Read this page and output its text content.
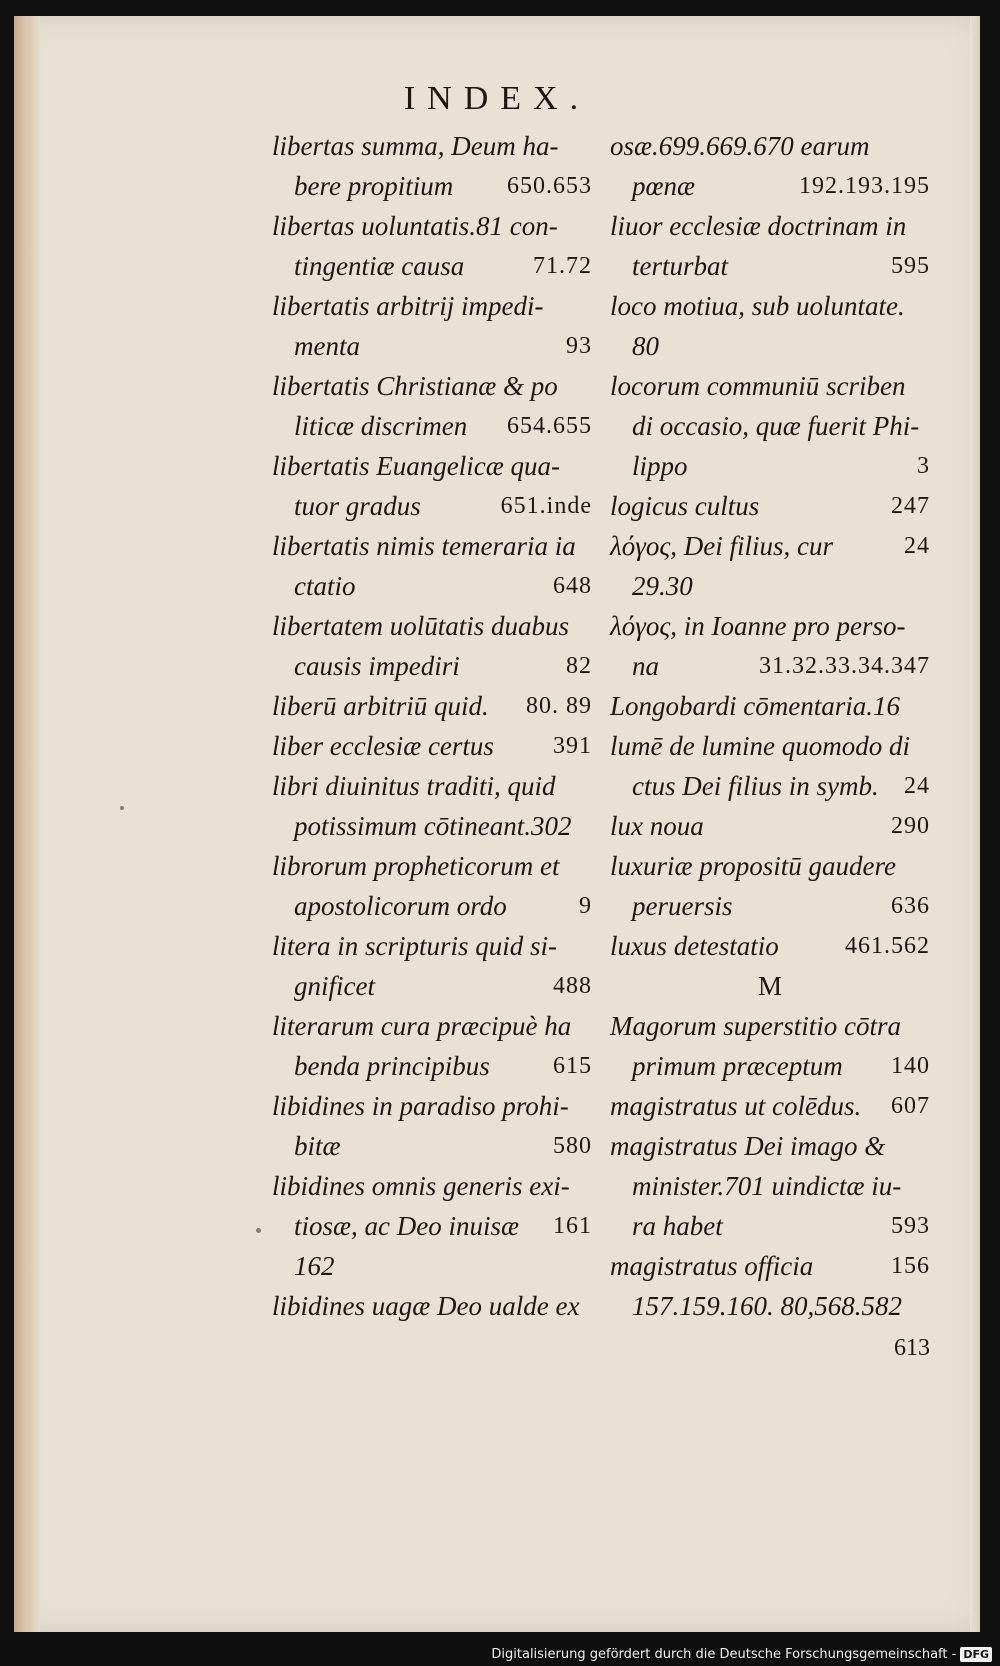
INDEX.
libertas summa, Deum ha-
bere propitium 650.653
libertas uoluntatis.81 con-
tingentiæ causa	71.72
libertatis arbitrij impedi-
menta	93
libertatis Christianæ & po
liticæ discrimen 654.655
libertatis Euangelicæ qua-
tuor gradus	651.inde
libertatis nimis temeraria ia
ctatio	648
libertatem uolūtatis duabus
causis impediri	82
liberū arbitriū quid. 80. 89
liber ecclesiæ certus 391
libri diuinitus traditi, quid
potissimum cōtineant.302
librorum propheticorum et
apostolicorum ordo	9
litera in scripturis quid si-
gnificet	488
literarum cura præcipuè ha
benda principibus	615
libidines in paradiso prohi-
bitæ	580
libidines omnis generis exi-
tiosæ, ac Deo inuisæ 161
162
libidines uagæ Deo ualde ex
osæ.699.669.670 earum
pœnæ	192.193.195
liuor ecclesiæ doctrinam in
terturbat	595
loco motiua, sub uoluntate.
80
locorum communiū scriben
di occasio, quæ fuerit Phi-
lippo	3
logicus cultus	247
λόγος, Dei filius, cur	24
29.30
λόγος, in Ioanne pro perso-
na	31.32.33.34.347
Longobardi cōmentaria.16
lumē de lumine quomodo di
ctus Dei filius in symb. 24
lux noua	290
luxuriæ propositū gaudere
peruersis	636
luxus detestatio	461.562
M
Magorum superstitio cōtra
primum præceptum 140
magistratus ut colēdus. 607
magistratus Dei imago &
minister.701 uindictæ iu-
ra habet	593
magistratus officia	156
157.159.160. 80,568.582
613
Digitalisierung gefördert durch die Deutsche Forschungsgemeinschaft - DFG
